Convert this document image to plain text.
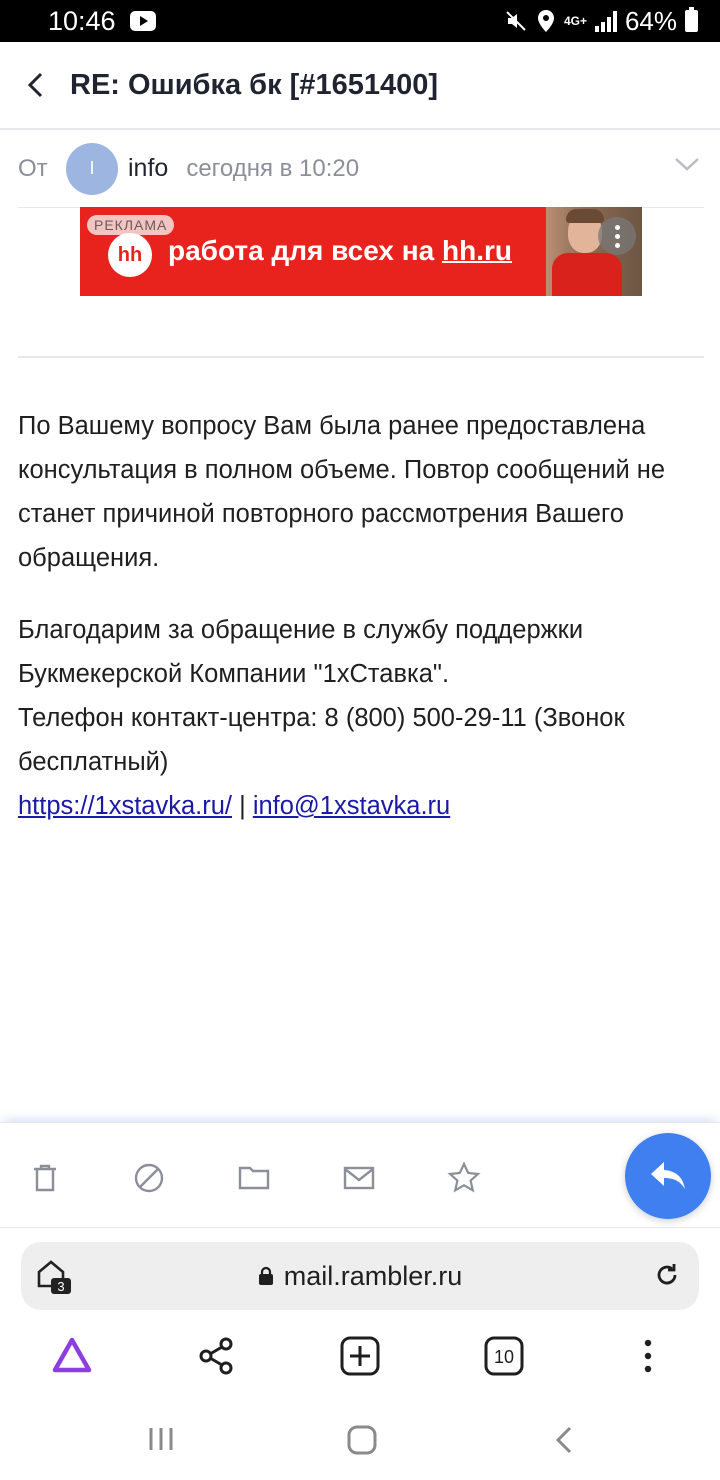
10:46	4G+ 64%
RE: Ошибка бк [#1651400]
От	I	info сегодня в 10:20
РЕКЛАМА
hh работа для всех на hh.ru

По Вашему вопросу Вам была ранее предоставлена консультация в полном объеме. Повтор сообщений не станет причиной повторного рассмотрения Вашего обращения.

Благодарим за обращение в службу поддержки Букмекерской Компании "1хСтавка".
Телефон контакт-центра: 8 (800) 500-29-11 (Звонок бесплатный)
https://1xstavka.ru/ | info@1xstavka.ru
3	mail.rambler.ru
10
